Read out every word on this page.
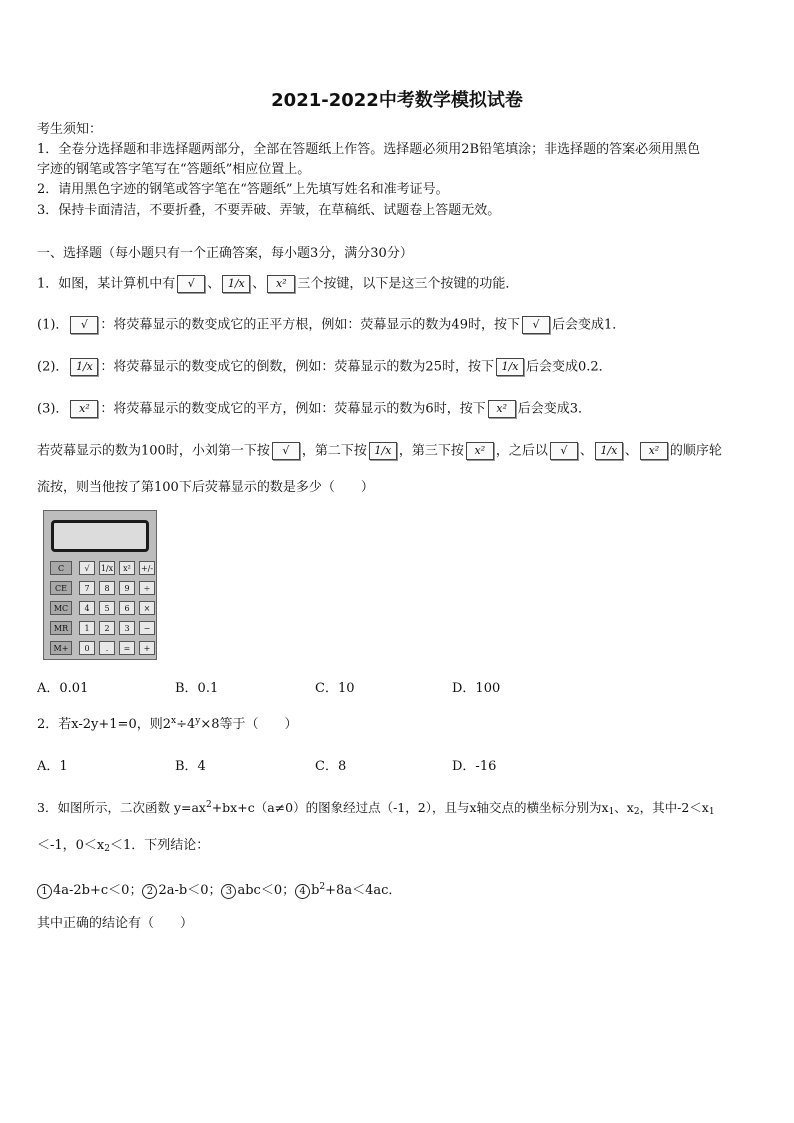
2021-2022中考数学模拟试卷
考生须知：
1．全卷分选择题和非选择题两部分，全部在答题纸上作答。选择题必须用2B铅笔填涂；非选择题的答案必须用黑色
字迹的钢笔或答字笔写在“答题纸”相应位置上。
2．请用黑色字迹的钢笔或答字笔在“答题纸”上先填写姓名和准考证号。
3．保持卡面清洁，不要折叠，不要弄破、弄皱，在草稿纸、试题卷上答题无效。
一、选择题（每小题只有一个正确答案，每小题3分，满分30分）
1．如图，某计算机中有 √ 、 1/x 、 x² 三个按键，以下是这三个按键的功能．
(1)． √ ：将荧幕显示的数变成它的正平方根，例如：荧幕显示的数为49时，按下 √ 后会变成1．
(2)． 1/x ：将荧幕显示的数变成它的倒数，例如：荧幕显示的数为25时，按下 1/x 后会变成0.2．
(3)． x² ：将荧幕显示的数变成它的平方，例如：荧幕显示的数为6时，按下 x² 后会变成3．
若荧幕显示的数为100时，小刘第一下按 √ ，第二下按 1/x ，第三下按 x² ，之后以 √ 、 1/x 、 x² 的顺序轮
流按，则当他按了第100下后荧幕显示的数是多少（　　）
C	√	1/x	x²	+/-
CE	7	8	9	÷
MC	4	5	6	×
MR	1	2	3	−
M+	0	.	=	+
A．0.01	B．0.1	C．10	D．100
2．若x-2y+1=0，则$2^x\div 4^y\times 8$等于（　　）
A．1	B．4	C．8	D．-16
3．如图所示，二次函数 $y=ax^2+bx+c(a\ne 0)$的图象经过点（-1，2），且与x轴交点的横坐标分别为$x_1$、$x_2$，其中$-2<x_1$
＜-1，$0<x_2<1$．下列结论：
1 4a-2b+c＜0； 2 2a-b＜0； 3 abc＜0； 4 $b^2+8a<4ac$．
其中正确的结论有（　　）
